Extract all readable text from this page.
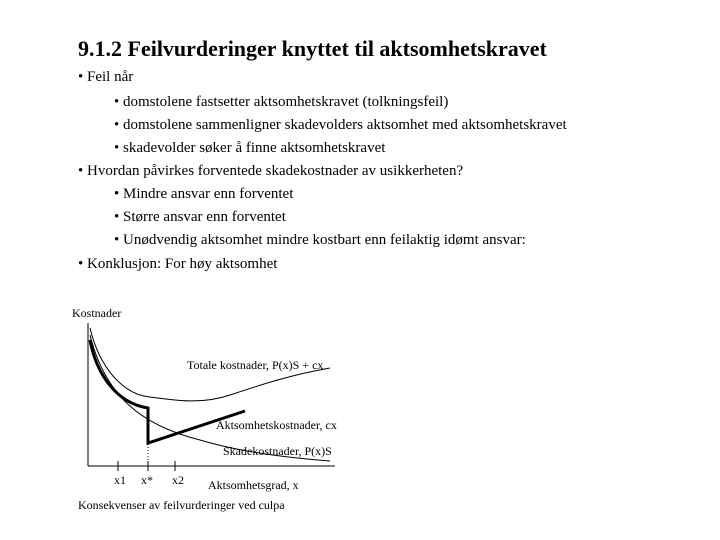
9.1.2 Feilvurderinger knyttet til aktsomhetskravet
• Feil når
• domstolene fastsetter aktsomhetskravet (tolkningsfeil)
• domstolene sammenligner skadevolders aktsomhet med aktsomhetskravet
• skadevolder søker å finne aktsomhetskravet
• Hvordan påvirkes forventede skadekostnader av usikkerheten?
• Mindre ansvar enn forventet
• Større ansvar enn forventet
• Unødvendig aktsomhet mindre kostbart enn feilaktig idømt ansvar:
• Konklusjon: For høy aktsomhet
Kostnader
Totale kostnader, P(x)S + cx
Aktsomhetskostnader, cx
Skadekostnader, P(x)S
x1 x* x2 Aktsomhetsgrad, x
Konsekvenser av feilvurderinger ved culpa
